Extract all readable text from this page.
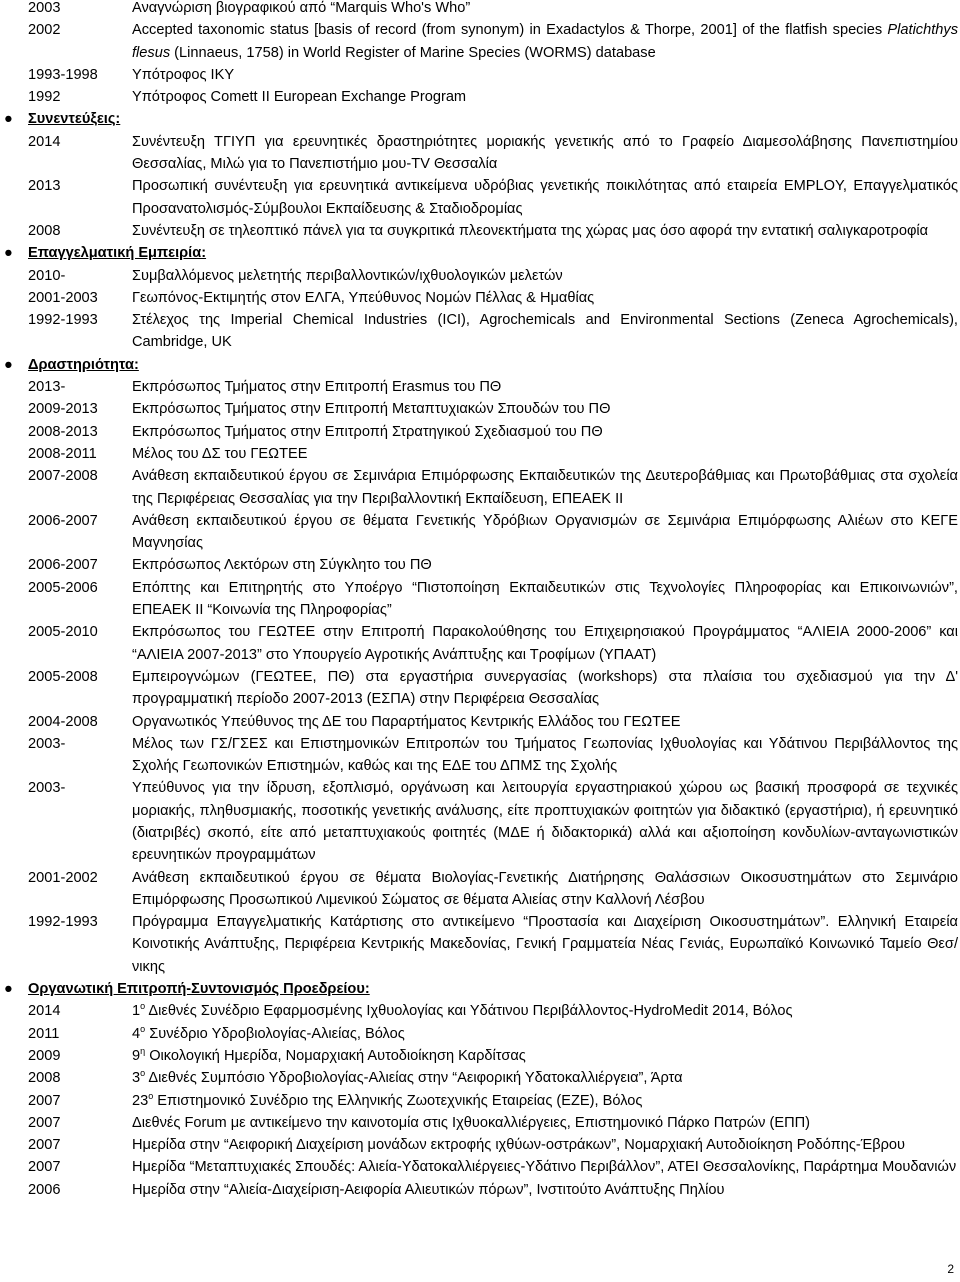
2003	Αναγνώριση βιογραφικού από “Marquis Who's Who”
2002	Accepted taxonomic status [basis of record (from synonym) in Exadactylos & Thorpe, 2001] of the flatfish species Platichthys flesus (Linnaeus, 1758) in World Register of Marine Species (WORMS) database
1993-1998	Υπότροφος ΙΚΥ
1992	Υπότροφος Comett II European Exchange Program
● Συνεντεύξεις:
2014	Συνέντευξη ΤΓΙΥΠ για ερευνητικές δραστηριότητες μοριακής γενετικής από το Γραφείο Διαμεσολάβησης Πανεπιστημίου Θεσσαλίας, Μιλώ για το Πανεπιστήμιο μου-TV Θεσσαλία
2013	Προσωπική συνέντευξη για ερευνητικά αντικείμενα υδρόβιας γενετικής ποικιλότητας από εταιρεία EMPLOY, Επαγγελματικός Προσανατολισμός-Σύμβουλοι Εκπαίδευσης & Σταδιοδρομίας
2008	Συνέντευξη σε τηλεοπτικό πάνελ για τα συγκριτικά πλεονεκτήματα της χώρας μας όσο αφορά την εντατική σαλιγκαροτροφία
● Επαγγελματική Εμπειρία:
2010-	Συμβαλλόμενος μελετητής περιβαλλοντικών/ιχθυολογικών μελετών
2001-2003	Γεωπόνος-Εκτιμητής στον ΕΛΓΑ, Υπεύθυνος Νομών Πέλλας & Ημαθίας
1992-1993	Στέλεχος της Imperial Chemical Industries (ICI), Agrochemicals and Environmental Sections (Zeneca Agrochemicals), Cambridge, UK
● Δραστηριότητα:
2013-	Εκπρόσωπος Τμήματος στην Επιτροπή Erasmus του ΠΘ
2009-2013	Εκπρόσωπος Τμήματος στην Επιτροπή Μεταπτυχιακών Σπουδών του ΠΘ
2008-2013	Εκπρόσωπος Τμήματος στην Επιτροπή Στρατηγικού Σχεδιασμού του ΠΘ
2008-2011	Μέλος του ΔΣ του ΓΕΩΤΕΕ
2007-2008	Ανάθεση εκπαιδευτικού έργου σε Σεμινάρια Επιμόρφωσης Εκπαιδευτικών της Δευτεροβάθμιας και Πρωτοβάθμιας στα σχολεία της Περιφέρειας Θεσσαλίας για την Περιβαλλοντική Εκπαίδευση, ΕΠΕΑΕΚ ΙΙ
2006-2007	Ανάθεση εκπαιδευτικού έργου σε θέματα Γενετικής Υδρόβιων Οργανισμών σε Σεμινάρια Επιμόρφωσης Αλιέων στο ΚΕΓΕ Μαγνησίας
2006-2007	Εκπρόσωπος Λεκτόρων στη Σύγκλητο του ΠΘ
2005-2006	Επόπτης και Επιτηρητής στο Υποέργο “Πιστοποίηση Εκπαιδευτικών στις Τεχνολογίες Πληροφορίας και Επικοινωνιών”, ΕΠΕΑΕΚ ΙΙ “Κοινωνία της Πληροφορίας”
2005-2010	Εκπρόσωπος του ΓΕΩΤΕΕ στην Επιτροπή Παρακολούθησης του Επιχειρησιακού Προγράμματος “ΑΛΙΕΙΑ 2000-2006” και “ΑΛΙΕΙΑ 2007-2013” στο Υπουργείο Αγροτικής Ανάπτυξης και Τροφίμων (ΥΠΑΑΤ)
2005-2008	Εμπειρογνώμων (ΓΕΩΤΕΕ, ΠΘ) στα εργαστήρια συνεργασίας (workshops) στα πλαίσια του σχεδιασμού για την Δ' προγραμματική περίοδο 2007-2013 (ΕΣΠΑ) στην Περιφέρεια Θεσσαλίας
2004-2008	Οργανωτικός Υπεύθυνος της ΔΕ του Παραρτήματος Κεντρικής Ελλάδος του ΓΕΩΤΕΕ
2003-	Μέλος των ΓΣ/ΓΣΕΣ και Επιστημονικών Επιτροπών του Τμήματος Γεωπονίας Ιχθυολογίας και Υδάτινου Περιβάλλοντος της Σχολής Γεωπονικών Επιστημών, καθώς και της ΕΔΕ του ΔΠΜΣ της Σχολής
2003-	Υπεύθυνος για την ίδρυση, εξοπλισμό, οργάνωση και λειτουργία εργαστηριακού χώρου ως βασική προσφορά σε τεχνικές μοριακής, πληθυσμιακής, ποσοτικής γενετικής ανάλυσης, είτε προπτυχιακών φοιτητών για διδακτικό (εργαστήρια), ή ερευνητικό (διατριβές) σκοπό, είτε από μεταπτυχιακούς φοιτητές (ΜΔΕ ή διδακτορικά) αλλά και αξιοποίηση κονδυλίων-ανταγωνιστικών ερευνητικών προγραμμάτων
2001-2002	Ανάθεση εκπαιδευτικού έργου σε θέματα Βιολογίας-Γενετικής Διατήρησης Θαλάσσιων Οικοσυστημάτων στο Σεμινάριο Επιμόρφωσης Προσωπικού Λιμενικού Σώματος σε θέματα Αλιείας στην Καλλονή Λέσβου
1992-1993	Πρόγραμμα Επαγγελματικής Κατάρτισης στο αντικείμενο “Προστασία και Διαχείριση Οικοσυστημάτων”. Ελληνική Εταιρεία Κοινοτικής Ανάπτυξης, Περιφέρεια Κεντρικής Μακεδονίας, Γενική Γραμματεία Νέας Γενιάς, Ευρωπαϊκό Κοινωνικό Ταμείο Θεσ/νικης
● Οργανωτική Επιτροπή-Συντονισμός Προεδρείου:
2014	$1^o$ Διεθνές Συνέδριο Εφαρμοσμένης Ιχθυολογίας και Υδάτινου Περιβάλλοντος-HydroMedit 2014, Βόλος
2011	$4^o$ Συνέδριο Υδροβιολογίας-Αλιείας, Βόλος
2009	$9^\eta$ Οικολογική Ημερίδα, Νομαρχιακή Αυτοδιοίκηση Καρδίτσας
2008	$3^o$ Διεθνές Συμπόσιο Υδροβιολογίας-Αλιείας στην “Αειφορική Υδατοκαλλιέργεια”, Άρτα
2007	$23^o$ Επιστημονικό Συνέδριο της Ελληνικής Ζωοτεχνικής Εταιρείας (ΕΖΕ), Βόλος
2007	Διεθνές Forum με αντικείμενο την καινοτομία στις Ιχθυοκαλλιέργειες, Επιστημονικό Πάρκο Πατρών (ΕΠΠ)
2007	Ημερίδα στην “Αειφορική Διαχείριση μονάδων εκτροφής ιχθύων-οστράκων”, Νομαρχιακή Αυτοδιοίκηση Ροδόπης-Έβρου
2007	Ημερίδα “Μεταπτυχιακές Σπουδές: Αλιεία-Υδατοκαλλιέργειες-Υδάτινο Περιβάλλον”, ΑΤΕΙ Θεσσαλονίκης, Παράρτημα Μουδανιών
2006	Ημερίδα στην “Αλιεία-Διαχείριση-Αειφορία Αλιευτικών πόρων”, Ινστιτούτο Ανάπτυξης Πηλίου
2
